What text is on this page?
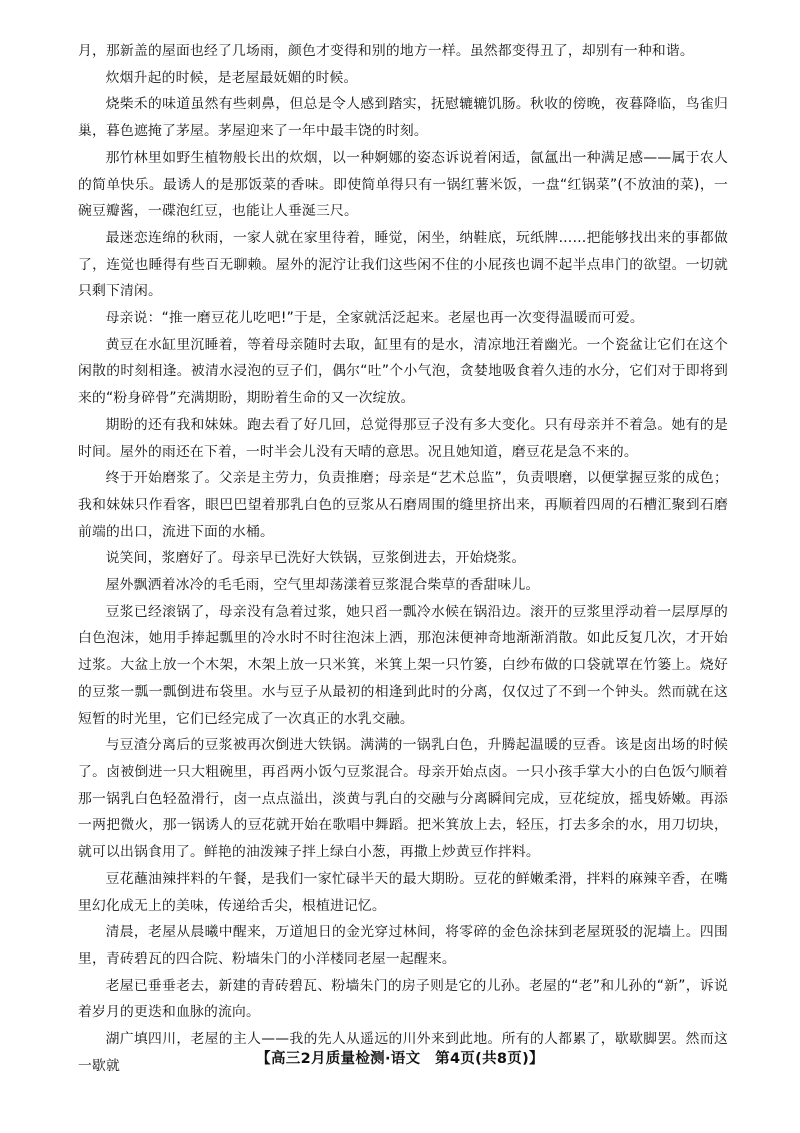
月，那新盖的屋面也经了几场雨，颜色才变得和别的地方一样。虽然都变得丑了，却别有一种和谐。

炊烟升起的时候，是老屋最妩媚的时候。

烧柴禾的味道虽然有些刺鼻，但总是令人感到踏实，抚慰辘辘饥肠。秋收的傍晚，夜暮降临，鸟雀归巢，暮色遮掩了茅屋。茅屋迎来了一年中最丰饶的时刻。

那竹林里如野生植物般长出的炊烟，以一种婀娜的姿态诉说着闲适，氤氲出一种满足感——属于农人的简单快乐。最诱人的是那饭菜的香味。即使简单得只有一锅红薯米饭，一盘“红锅菜”(不放油的菜)，一碗豆瓣酱，一碟泡红豆，也能让人垂涎三尺。

最迷恋连绵的秋雨，一家人就在家里待着，睡觉，闲坐，纳鞋底，玩纸牌……把能够找出来的事都做了，连觉也睡得有些百无聊赖。屋外的泥泞让我们这些闲不住的小屁孩也调不起半点串门的欲望。一切就只剩下清闲。

母亲说：“推一磨豆花儿吃吧!”于是，全家就活泛起来。老屋也再一次变得温暖而可爱。

黄豆在水缸里沉睡着，等着母亲随时去取，缸里有的是水，清凉地汪着幽光。一个瓷盆让它们在这个闲散的时刻相逢。被清水浸泡的豆子们，偶尔“吐”个小气泡，贪婪地吸食着久违的水分，它们对于即将到来的“粉身碎骨”充满期盼，期盼着生命的又一次绽放。

期盼的还有我和妹妹。跑去看了好几回，总觉得那豆子没有多大变化。只有母亲并不着急。她有的是时间。屋外的雨还在下着，一时半会儿没有天晴的意思。况且她知道，磨豆花是急不来的。

终于开始磨浆了。父亲是主劳力，负责推磨；母亲是“艺术总监”，负责喂磨，以便掌握豆浆的成色；我和妹妹只作看客，眼巴巴望着那乳白色的豆浆从石磨周围的缝里挤出来，再顺着四周的石槽汇聚到石磨前端的出口，流进下面的水桶。

说笑间，浆磨好了。母亲早已洗好大铁锅，豆浆倒进去，开始烧浆。

屋外飘洒着冰冷的毛毛雨，空气里却荡漾着豆浆混合柴草的香甜味儿。

豆浆已经滚锅了，母亲没有急着过浆，她只舀一瓢冷水候在锅沿边。滚开的豆浆里浮动着一层厚厚的白色泡沫，她用手捧起瓢里的冷水时不时往泡沫上洒，那泡沫便神奇地渐渐消散。如此反复几次，才开始过浆。大盆上放一个木架，木架上放一只米箕，米箕上架一只竹篓，白纱布做的口袋就罩在竹篓上。烧好的豆浆一瓢一瓢倒进布袋里。水与豆子从最初的相逢到此时的分离，仅仅过了不到一个钟头。然而就在这短暂的时光里，它们已经完成了一次真正的水乳交融。

与豆渣分离后的豆浆被再次倒进大铁锅。满满的一锅乳白色，升腾起温暖的豆香。该是卤出场的时候了。卤被倒进一只大粗碗里，再舀两小饭勺豆浆混合。母亲开始点卤。一只小孩手掌大小的白色饭勺顺着那一锅乳白色轻盈滑行，卤一点点溢出，淡黄与乳白的交融与分离瞬间完成，豆花绽放，摇曳娇嫩。再添一两把微火，那一锅诱人的豆花就开始在歌唱中舞蹈。把米箕放上去，轻压，打去多余的水，用刀切块，就可以出锅食用了。鲜艳的油泼辣子拌上绿白小葱，再撒上炒黄豆作拌料。

豆花蘸油辣拌料的午餐，是我们一家忙碌半天的最大期盼。豆花的鲜嫩柔滑，拌料的麻辣辛香，在嘴里幻化成无上的美味，传递给舌尖，根植进记忆。

清晨，老屋从晨曦中醒来，万道旭日的金光穿过林间，将零碎的金色涂抹到老屋斑驳的泥墙上。四围里，青砖碧瓦的四合院、粉墙朱门的小洋楼同老屋一起醒来。

老屋已垂垂老去，新建的青砖碧瓦、粉墙朱门的房子则是它的儿孙。老屋的“老”和儿孙的“新”，诉说着岁月的更迭和血脉的流向。

湖广填四川，老屋的主人——我的先人从遥远的川外来到此地。所有的人都累了，歇歇脚罢。然而这一歇就	【高三2月质量检测·语文　第4页(共8页)】
